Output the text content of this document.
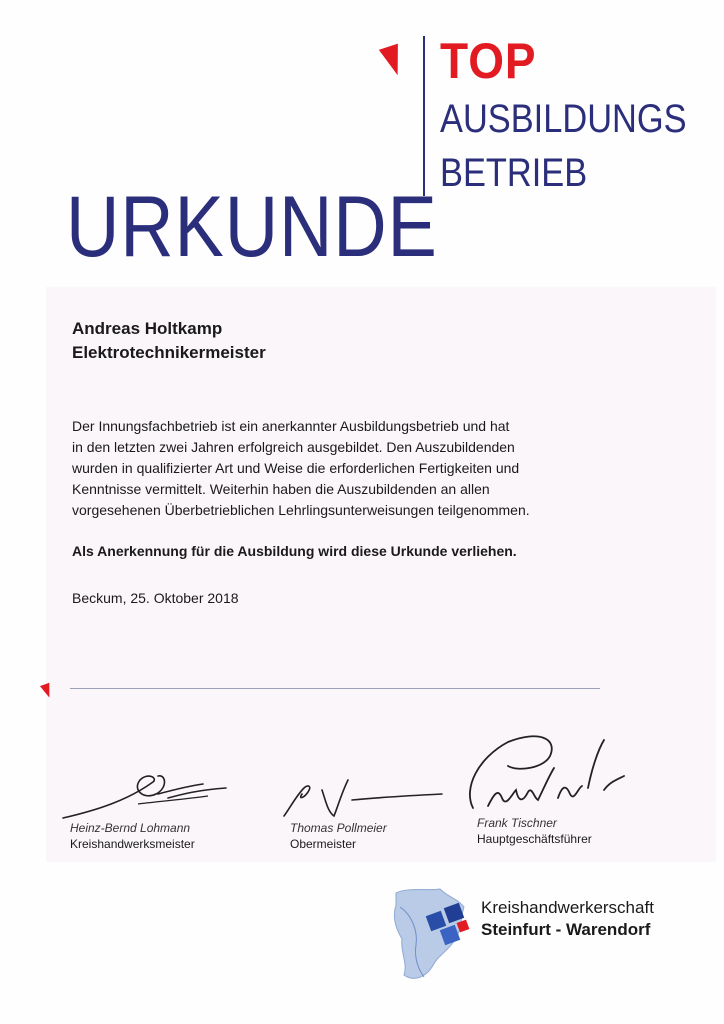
TOP
AUSBILDUNGS
BETRIEB
URKUNDE
Andreas Holtkamp
Elektrotechnikermeister
Der Innungsfachbetrieb ist ein anerkannter Ausbildungsbetrieb und hat
in den letzten zwei Jahren erfolgreich ausgebildet. Den Auszubildenden
wurden in qualifizierter Art und Weise die erforderlichen Fertigkeiten und
Kenntnisse vermittelt. Weiterhin haben die Auszubildenden an allen
vorgesehenen Überbetrieblichen Lehrlingsunterweisungen teilgenommen.
Als Anerkennung für die Ausbildung wird diese Urkunde verliehen.
Beckum, 25. Oktober 2018
Heinz-Bernd Lohmann
Kreishandwerksmeister
Thomas Pollmeier
Obermeister
Frank Tischner
Hauptgeschäftsführer
Kreishandwerkerschaft
Steinfurt - Warendorf
